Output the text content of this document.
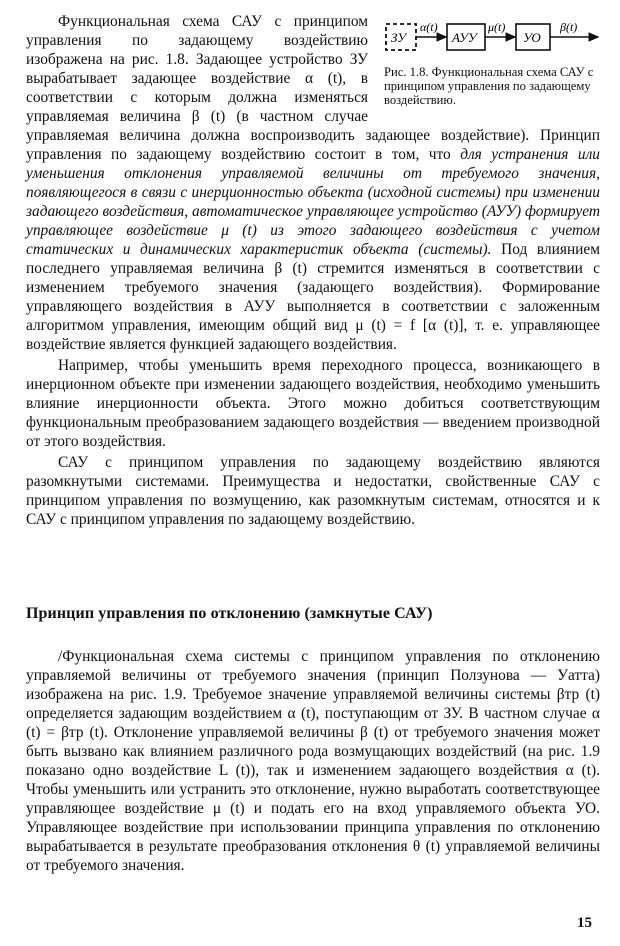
ЗУ
α(t)
АУУ
μ(t)
УО
β(t)
Рис. 1.8. Функциональная схема САУ с принципом управления по задающему воздействию.

Функциональная схема САУ с принципом управления по задающему воздействию изображена на рис. 1.8. Задающее устройство ЗУ вырабатывает задающее воздействие α (t), в соответствии с которым должна изменяться управляемая величина β (t) (в частном случае управляемая величина должна воспроизводить задающее воздействие). Принцип управления по задающему воздействию состоит в том, что для устранения или уменьшения отклонения управляемой величины от требуемого значения, появляющегося в связи с инерционностью объекта (исходной системы) при изменении задающего воздействия, автоматическое управляющее устройство (АУУ) формирует управляющее воздействие μ (t) из этого задающего воздействия с учетом статических и динамических характеристик объекта (системы). Под влиянием последнего управляемая величина β (t) стремится изменяться в соответствии с изменением требуемого значения (задающего воздействия). Формирование управляющего воздействия в АУУ выполняется в соответствии с заложенным алгоритмом управления, имеющим общий вид μ (t) = f [α (t)], т. е. управляющее воздействие является функцией задающего воздействия.

Например, чтобы уменьшить время переходного процесса, возникающего в инерционном объекте при изменении задающего воздействия, необходимо уменьшить влияние инерционности объекта. Этого можно добиться соответствующим функциональным преобразованием задающего воздействия — введением производной от этого воздействия.

САУ с принципом управления по задающему воздействию являются разомкнутыми системами. Преимущества и недостатки, свойственные САУ с принципом управления по возмущению, как разомкнутым системам, относятся и к САУ с принципом управления по задающему воздействию.

Принцип управления по отклонению (замкнутые САУ)

/Функциональная схема системы с принципом управления по отклонению управляемой величины от требуемого значения (принцип Ползунова — Уатта) изображена на рис. 1.9. Требуемое значение управляемой величины системы βтр (t) определяется задающим воздействием α (t), поступающим от ЗУ. В частном случае α (t) = βтр (t). Отклонение управляемой величины β (t) от требуемого значения может быть вызвано как влиянием различного рода возмущающих воздействий (на рис. 1.9 показано одно воздействие L (t)), так и изменением задающего воздействия α (t). Чтобы уменьшить или устранить это отклонение, нужно выработать соответствующее управляющее воздействие μ (t) и подать его на вход управляемого объекта УО. Управляющее воздействие при использовании принципа управления по отклонению вырабатывается в результате преобразования отклонения θ (t) управляемой величины от требуемого значения.

15
